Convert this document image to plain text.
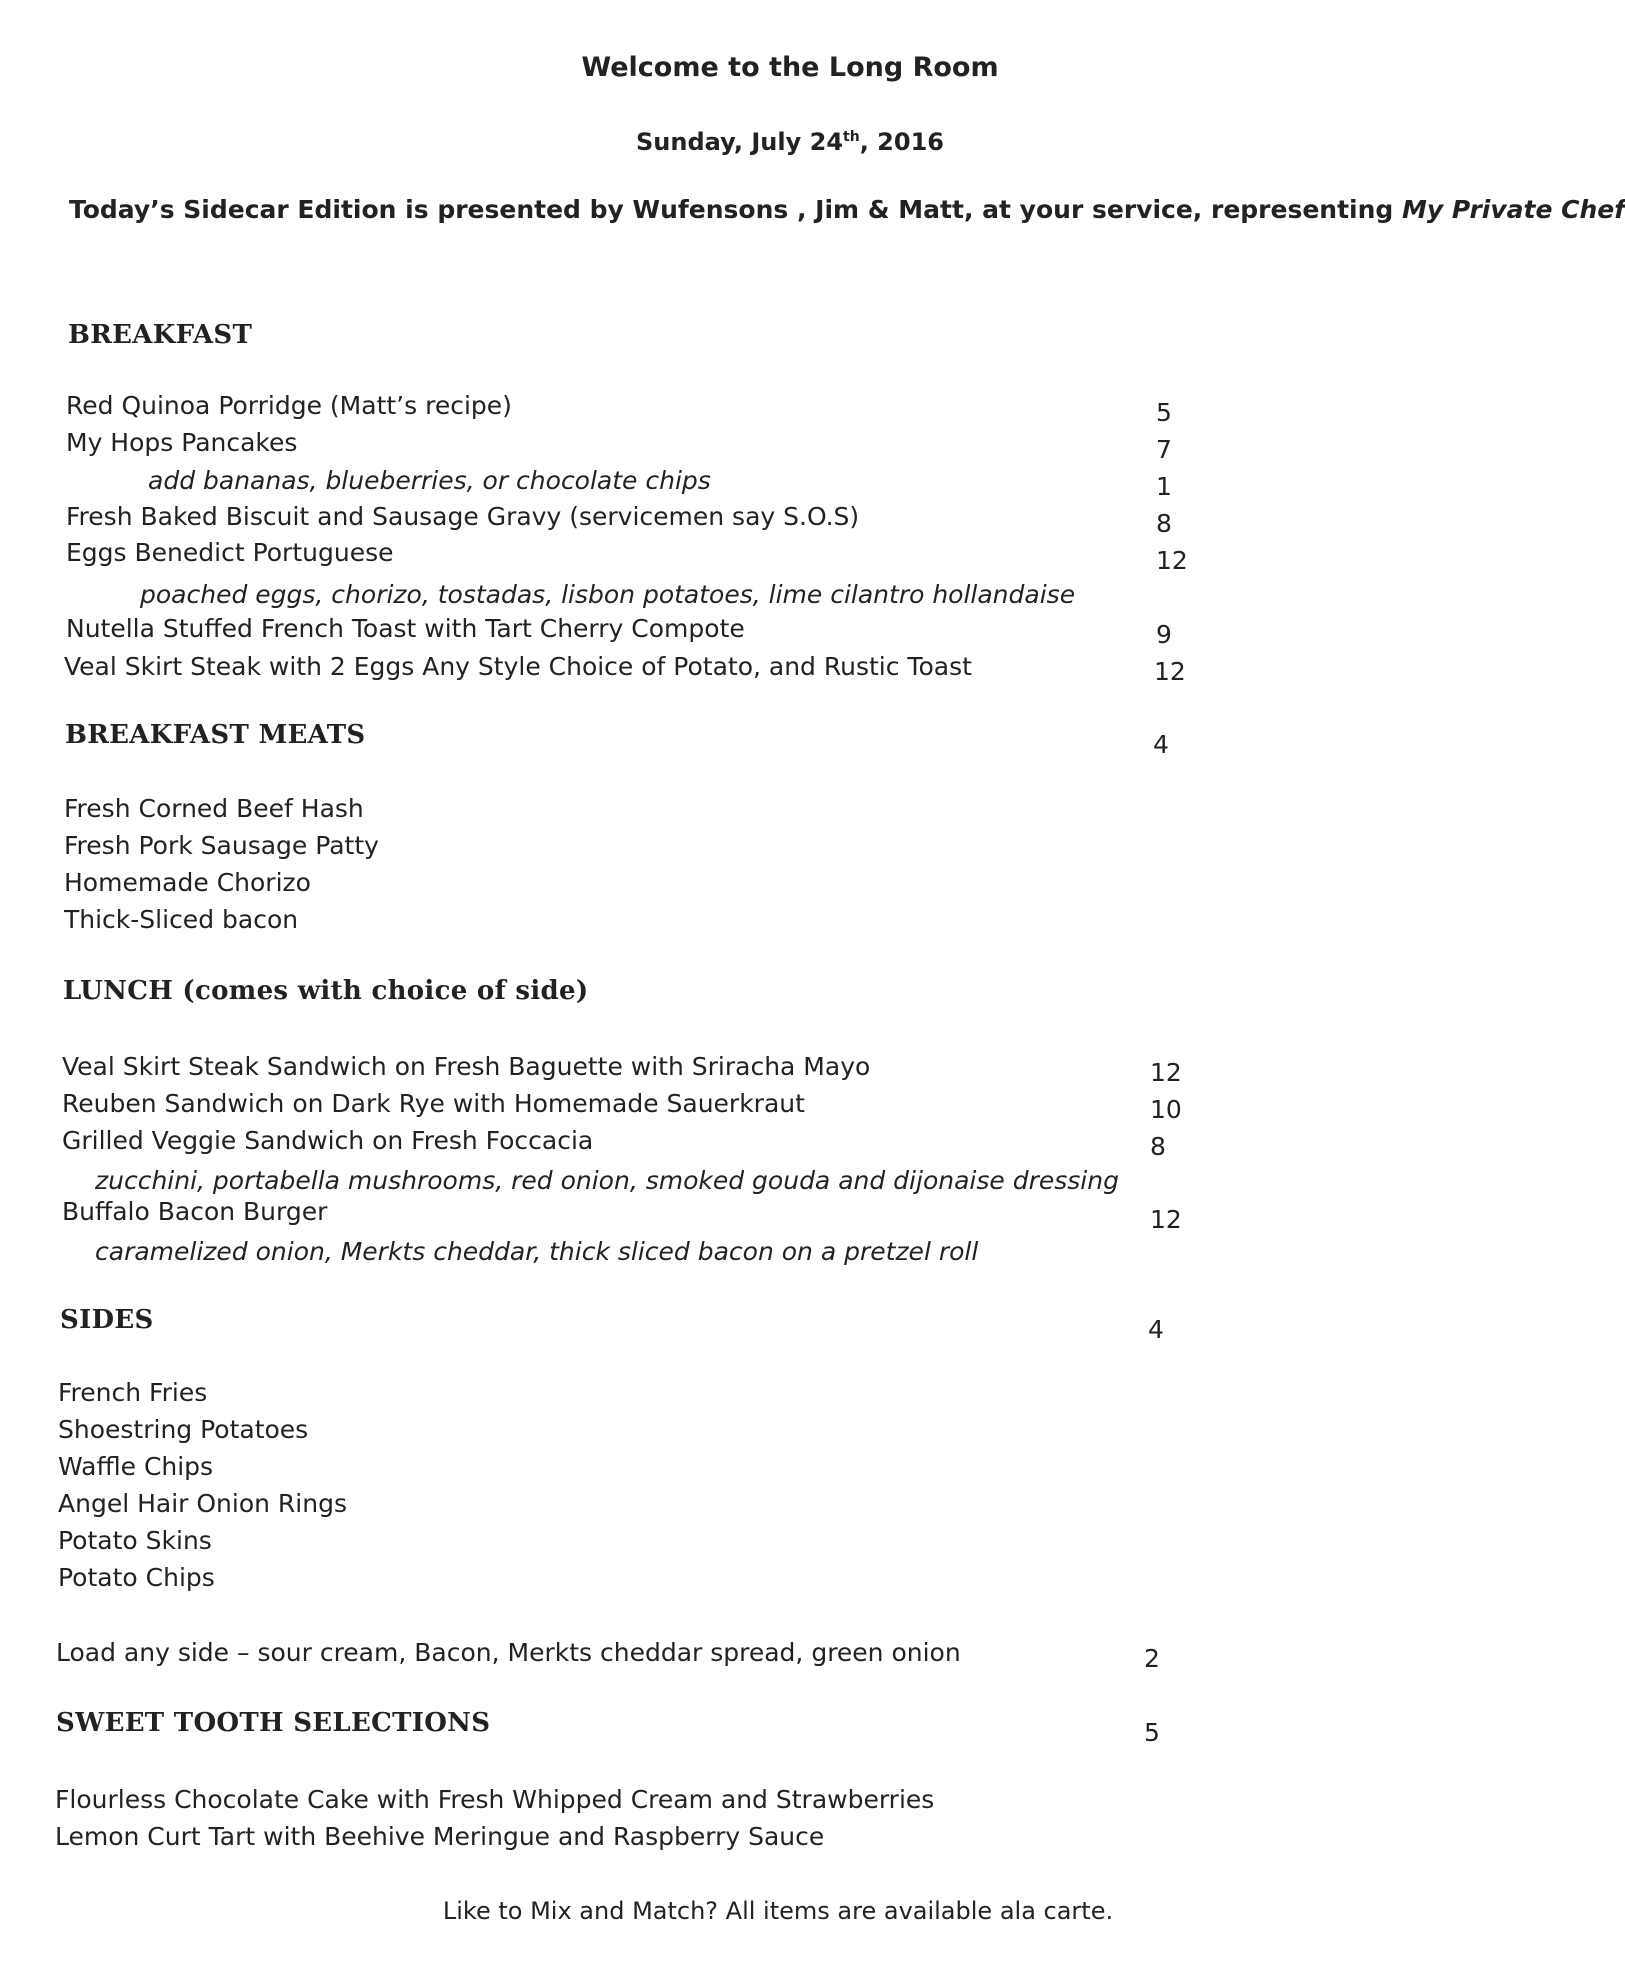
Welcome to the Long Room
Sunday, July 24th, 2016
Today’s Sidecar Edition is presented by Wufensons , Jim & Matt, at your service, representing My Private Chef
BREAKFAST
Red Quinoa Porridge (Matt’s recipe)	5
My Hops Pancakes	7
add bananas, blueberries, or chocolate chips	1
Fresh Baked Biscuit and Sausage Gravy (servicemen say S.O.S)	8
Eggs Benedict Portuguese	12
poached eggs, chorizo, tostadas, lisbon potatoes, lime cilantro hollandaise
Nutella Stuffed French Toast with Tart Cherry Compote	9
Veal Skirt Steak with 2 Eggs Any Style Choice of Potato, and Rustic Toast	12
BREAKFAST MEATS	4
Fresh Corned Beef Hash
Fresh Pork Sausage Patty
Homemade Chorizo
Thick-Sliced bacon
LUNCH (comes with choice of side)
Veal Skirt Steak Sandwich on Fresh Baguette with Sriracha Mayo	12
Reuben Sandwich on Dark Rye with Homemade Sauerkraut	10
Grilled Veggie Sandwich on Fresh Foccacia	8
zucchini, portabella mushrooms, red onion, smoked gouda and dijonaise dressing
Buffalo Bacon Burger	12
caramelized onion, Merkts cheddar, thick sliced bacon on a pretzel roll
SIDES	4
French Fries
Shoestring Potatoes
Waffle Chips
Angel Hair Onion Rings
Potato Skins
Potato Chips
Load any side – sour cream, Bacon, Merkts cheddar spread, green onion	2
SWEET TOOTH SELECTIONS	5
Flourless Chocolate Cake with Fresh Whipped Cream and Strawberries
Lemon Curt Tart with Beehive Meringue and Raspberry Sauce
Like to Mix and Match? All items are available ala carte.
